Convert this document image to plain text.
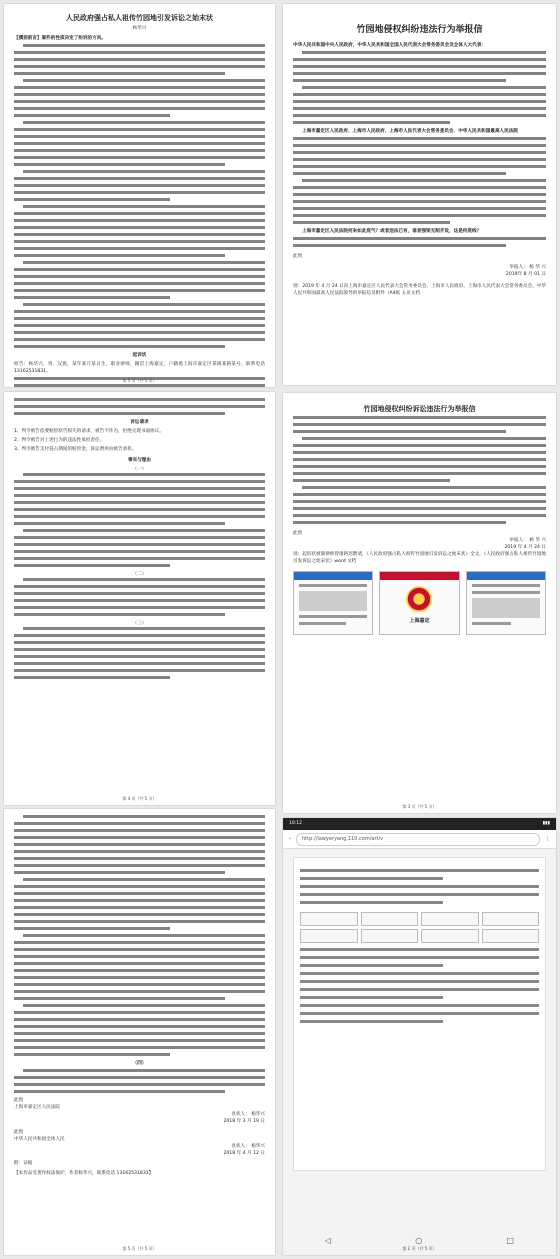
人民政府强占私人祖传竹园地引发诉讼之始末状
杨华兴

【撰前前言】案件的性质决定了纷诉的方向。

起诉状

原告：杨华兴，男，汉族，某年某月某日生，职业律师，籍贯上海嘉定，户籍地上海市嘉定区某镇某路某号。联系电话 13162531831。

第 5 页（共 5 页）
竹园地侵权纠纷违法行为举报信

中华人民共和国中央人民政府，中华人民共和国全国人民代表大会常务委员会及全体人大代表：

上海市嘉定区人民政府、上海市人民政府、上海市人民代表大会常务委员会、中华人民共和国最高人民法院

上海市嘉定区人民法院何来如此底气？或者违法已有，谁者强梁无制开设，这是何底线？

此致
举报人： 杨 华 兴
2019年 8 月 01 日

别：2019 年 4 月 24 日向上海市嘉定区人民代表大会常务委员会、上海市人民政府、上海市人民代表大会常务委员会、中华人民共和国最高人民法院领导的举报信及附件（A4纸 五页文档

诉讼请求

1、判令被告依要赔偿原告损失的请求，被告不作为，拒绝兑现书面协议。

2、判令被告对上述行为的违法性承担责任。

3、判令被告支付侵占期间的赔偿金，诉讼费用由被告承担。

事实与理由
（一）
（二）
（三）
第 4 页（共 5 页）
竹园地侵权纠纷诉讼违法行为举报信
此致
举报人： 杨 华 兴
2019 年 4 月 24 日

别：起诉状被副律师曾康阿迟聘请，《人民政府强占私人祖传竹园地引发诉讼之始末状》全文，《人民政府强占私人祖传竹园地引发诉讼之始末状》word 文档

上海嘉定
第 3 页（共 5 页）
（四）
此致
上海市嘉定区人民法院
具状人： 杨华兴
2018 年 3 月 19 日
此致
中华人民共和国全体人民
具状人： 杨华兴
2018 年 4 月 12 日
附：证据
【本作品受著作权法保护，作者杨华兴，联系电话 13162531831】
第 5 页（共 5 页）
10:12	▮▮▮
‹	http://lawyeryang.110.com/art/v	⋮
◁	○	□
第 2 页（共 5 页）
